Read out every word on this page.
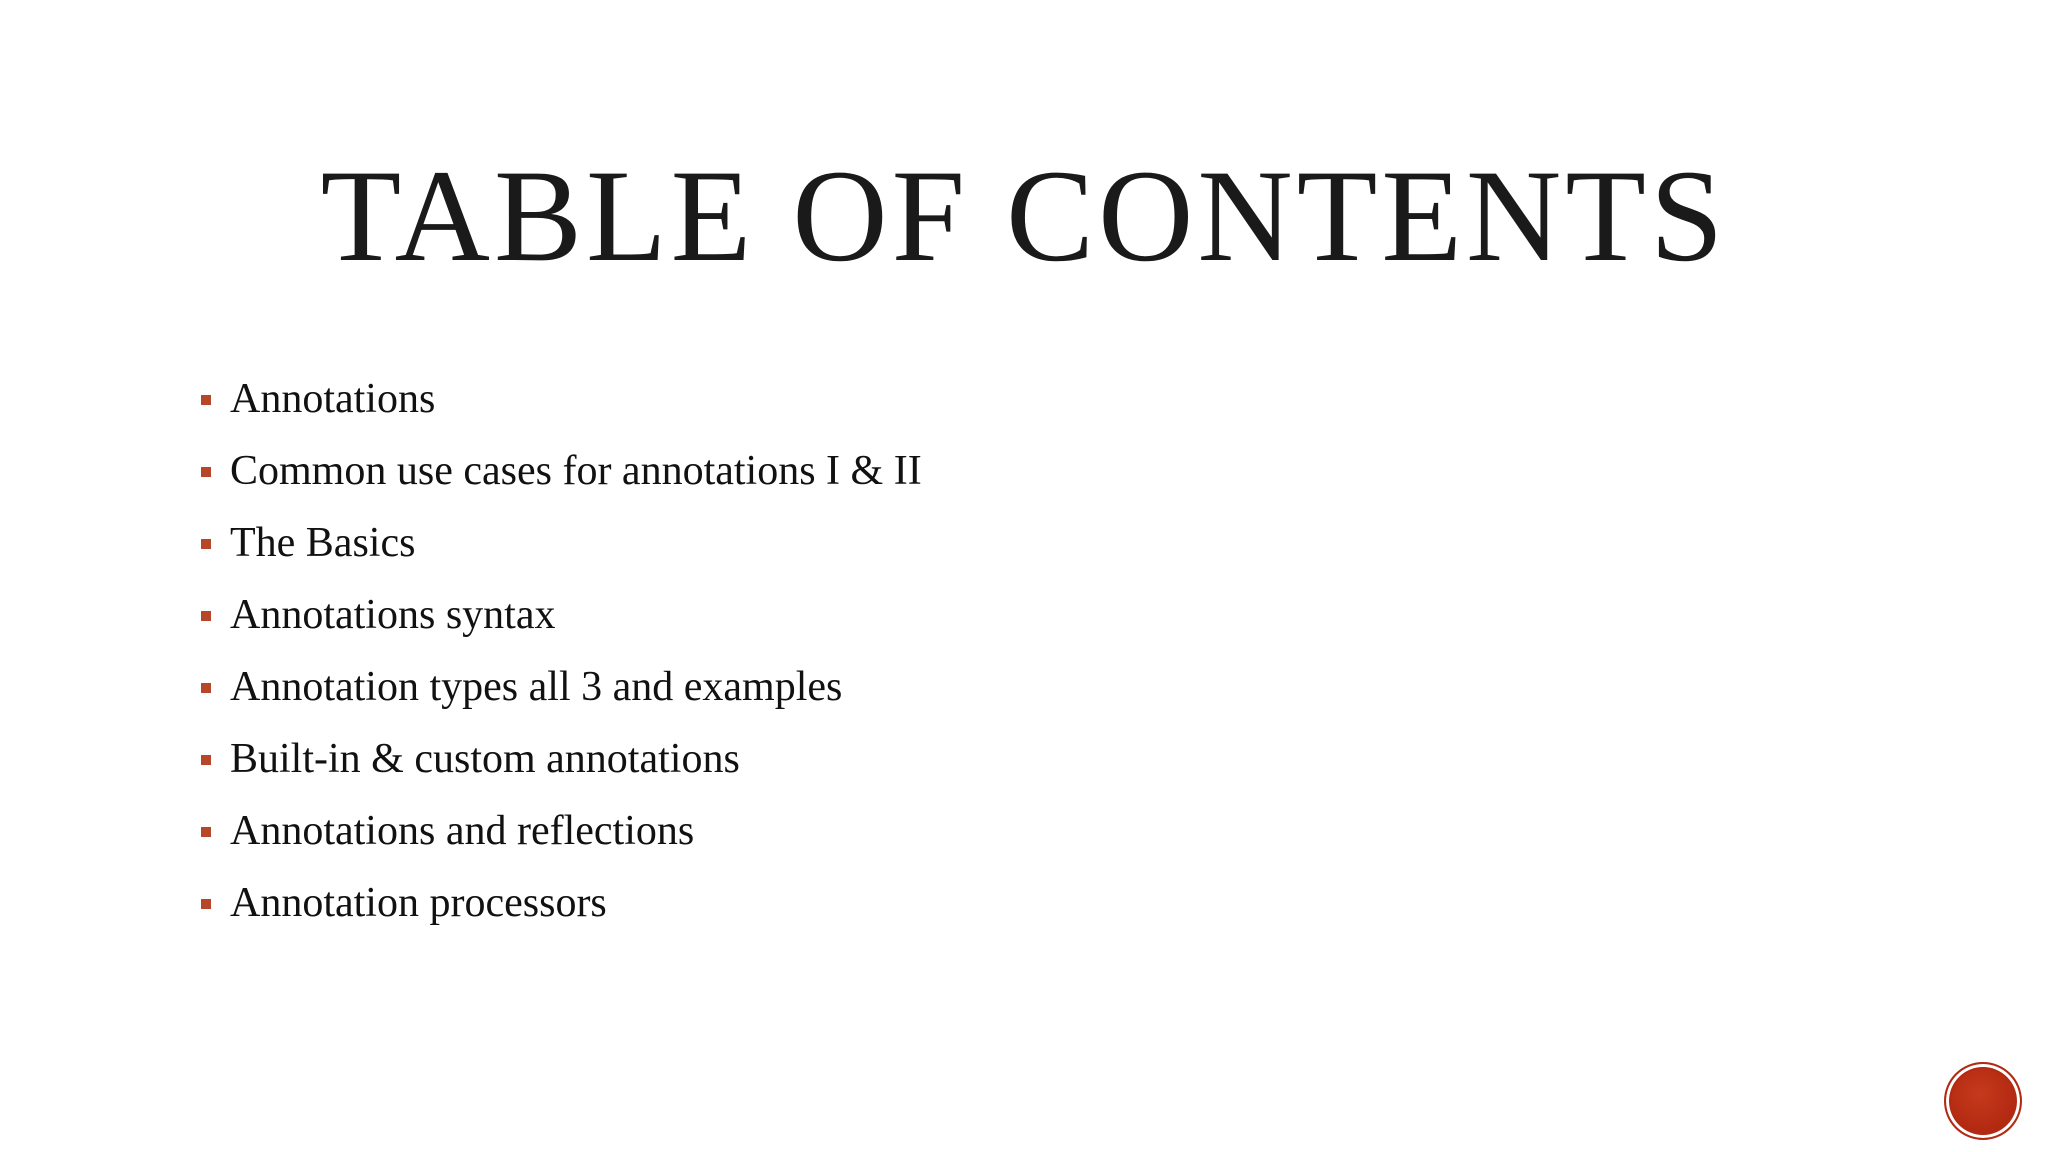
TABLE OF CONTENTS
Annotations
Common use cases for annotations I & II
The Basics
Annotations syntax
Annotation types all 3 and examples
Built-in & custom annotations
Annotations and reflections
Annotation processors
